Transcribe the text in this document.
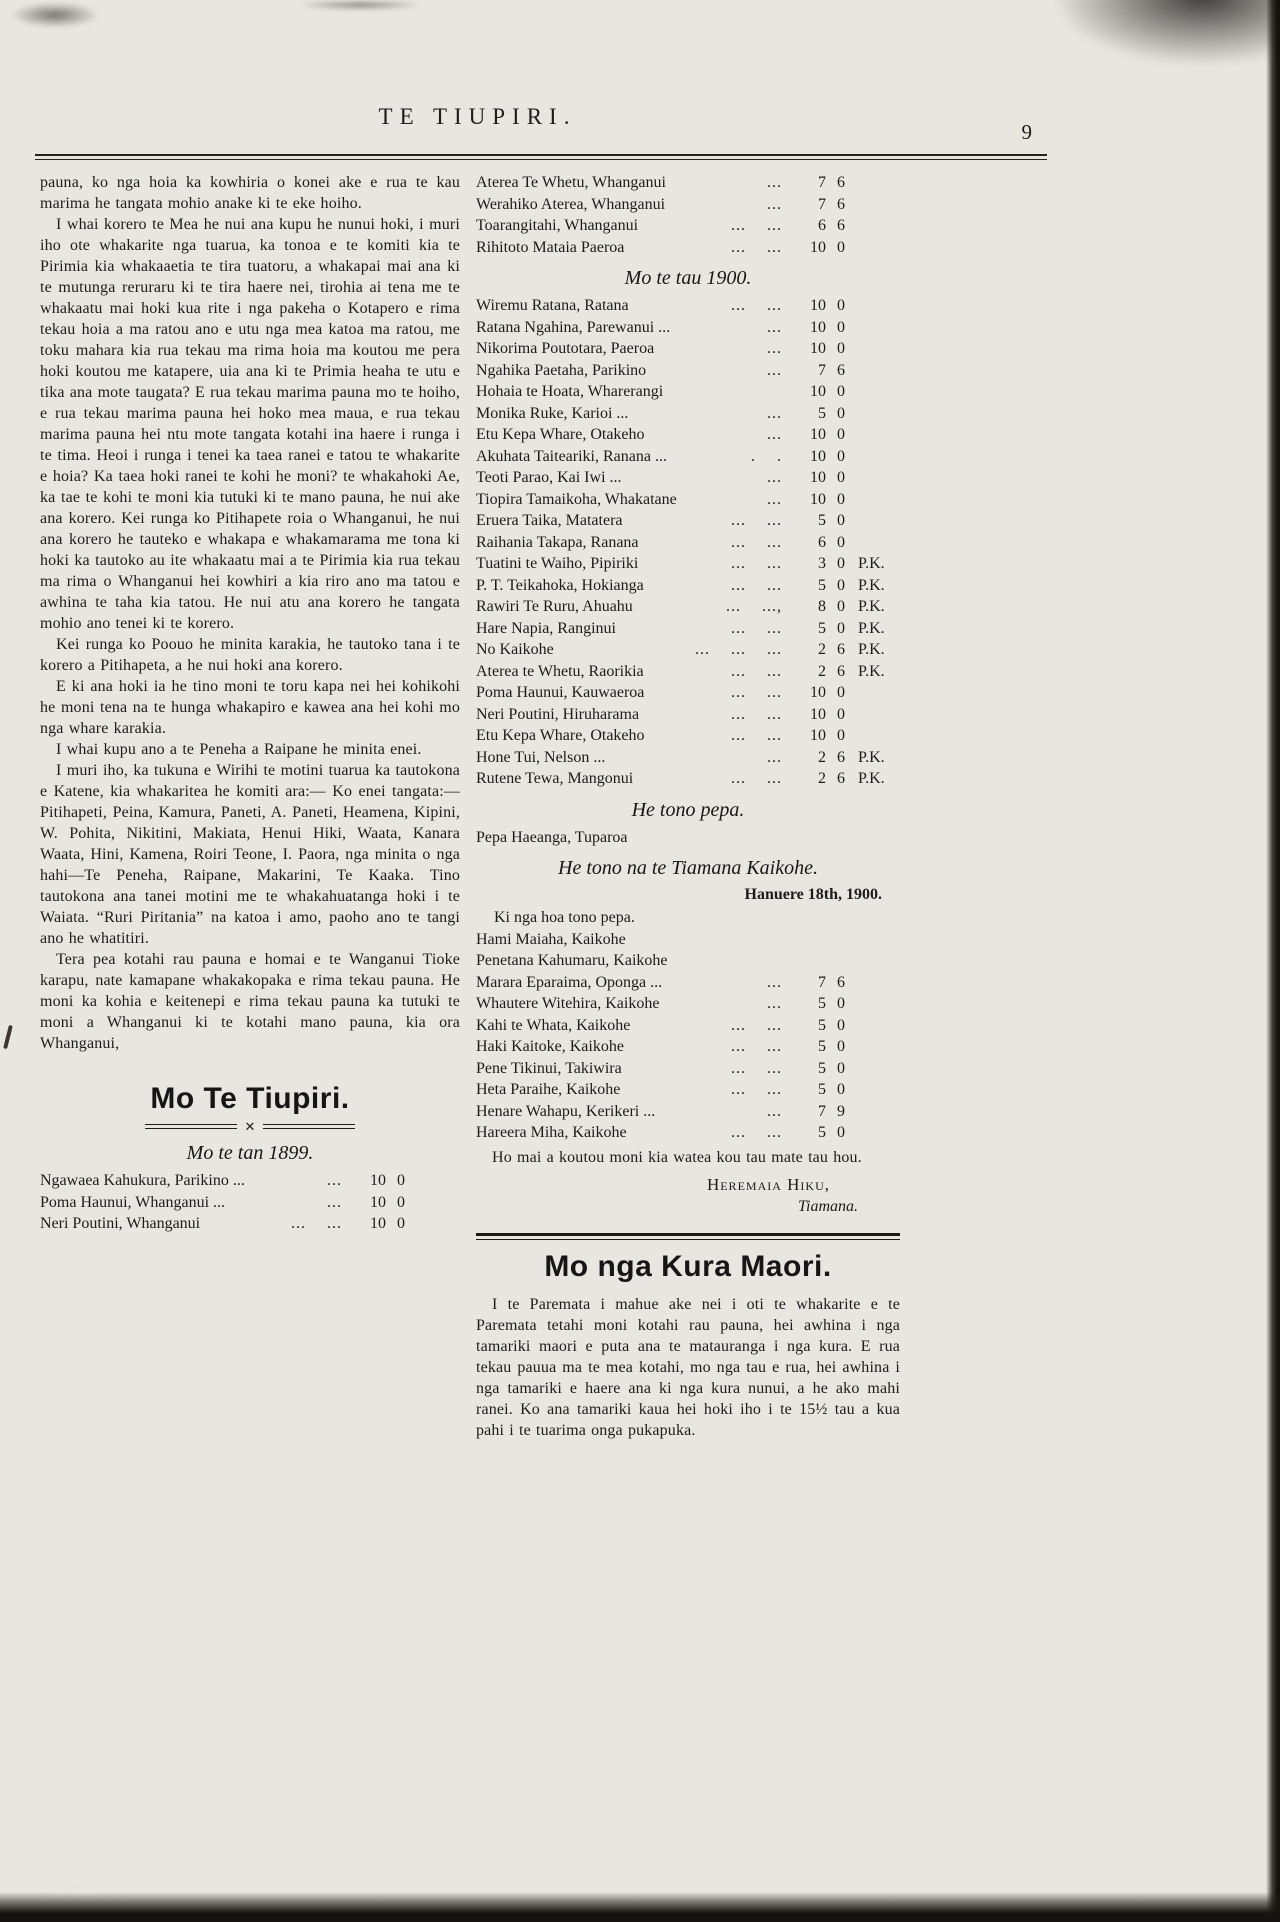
TE TIUPIRI.
9

pauna, ko nga hoia ka kowhiria o konei ake e rua te kau marima he tangata mohio anake ki te eke hoiho.

I whai korero te Mea he nui ana kupu he nunui hoki, i muri iho ote whakarite nga tuarua, ka tonoa e te komiti kia te Pirimia kia whakaaetia te tira tuatoru, a whakapai mai ana ki te mutunga reruraru ki te tira haere nei, tirohia ai tena me te whakaatu mai hoki kua rite i nga pakeha o Kotapero e rima tekau hoia a ma ratou ano e utu nga mea katoa ma ratou, me toku mahara kia rua tekau ma rima hoia ma koutou me pera hoki koutou me katapere, uia ana ki te Primia heaha te utu e tika ana mote taugata? E rua tekau marima pauna mo te hoiho, e rua tekau marima pauna hei hoko mea maua, e rua tekau marima pauna hei ntu mote tangata kotahi ina haere i runga i te tima. Heoi i runga i tenei ka taea ranei e tatou te whakarite e hoia? Ka taea hoki ranei te kohi he moni? te whakahoki Ae, ka tae te kohi te moni kia tutuki ki te mano pauna, he nui ake ana korero. Kei runga ko Pitihapete roia o Whanganui, he nui ana korero he tauteko e whakapa e whakamarama me tona ki hoki ka tautoko au ite whakaatu mai a te Pirimia kia rua tekau ma rima o Whanganui hei kowhiri a kia riro ano ma tatou e awhina te taha kia tatou. He nui atu ana korero he tangata mohio ano tenei ki te korero.

Kei runga ko Poouo he minita karakia, he tautoko tana i te korero a Pitihapeta, a he nui hoki ana korero.

E ki ana hoki ia he tino moni te toru kapa nei hei kohikohi he moni tena na te hunga whakapiro e kawea ana hei kohi mo nga whare karakia.

I whai kupu ano a te Peneha a Raipane he minita enei.

I muri iho, ka tukuna e Wirihi te motini tuarua ka tautokona e Katene, kia whakaritea he komiti ara:— Ko enei tangata:—Pitihapeti, Peina, Kamura, Paneti, A. Paneti, Heamena, Kipini, W. Pohita, Nikitini, Makiata, Henui Hiki, Waata, Kanara Waata, Hini, Kamena, Roiri Teone, I. Paora, nga minita o nga hahi—Te Peneha, Raipane, Makarini, Te Kaaka. Tino tautokona ana tanei motini me te whakahuatanga hoki i te Waiata. “Ruri Piritania” na katoa i amo, paoho ano te tangi ano he whatitiri.

Tera pea kotahi rau pauna e homai e te Wanganui Tioke karapu, nate kamapane whakakopaka e rima tekau pauna. He moni ka kohia e keitenepi e rima tekau pauna ka tutuki te moni a Whanganui ki te kotahi mano pauna, kia ora Whanganui,

Mo Te Tiupiri.
✕
Mo te tan 1899.
Ngawaea Kahukura, Parikino ...	...	10 0
Poma Haunui, Whanganui ...	...	10 0
Neri Poutini, Whanganui	... ...	10 0
Aterea Te Whetu, Whanganui	...	7 6
Werahiko Aterea, Whanganui	...	7 6
Toarangitahi, Whanganui	... ...	6 6
Rihitoto Mataia Paeroa	... ...	10 0
Mo te tau 1900.
Wiremu Ratana, Ratana	... ...	10 0
Ratana Ngahina, Parewanui ...	...	10 0
Nikorima Poutotara, Paeroa	...	10 0
Ngahika Paetaha, Parikino	...	7 6
Hohaia te Hoata, Wharerangi	10 0
Monika Ruke, Karioi ...	...	5 0
Etu Kepa Whare, Otakeho	...	10 0
Akuhata Taiteariki, Ranana ...	. .	10 0
Teoti Parao, Kai Iwi ...	...	10 0
Tiopira Tamaikoha, Whakatane	...	10 0
Eruera Taika, Matatera	... ...	5 0
Raihania Takapa, Ranana	... ...	6 0
Tuatini te Waiho, Pipiriki	... ...	3 0 P.K.
P. T. Teikahoka, Hokianga	... ...	5 0 P.K.
Rawiri Te Ruru, Ahuahu	... ...,	8 0 P.K.
Hare Napia, Ranginui	... ...	5 0 P.K.
No Kaikohe	... ... ...	2 6 P.K.
Aterea te Whetu, Raorikia	... ...	2 6 P.K.
Poma Haunui, Kauwaeroa	... ...	10 0
Neri Poutini, Hiruharama	... ...	10 0
Etu Kepa Whare, Otakeho	... ...	10 0
Hone Tui, Nelson ...	...	2 6 P.K.
Rutene Tewa, Mangonui	... ...	2 6 P.K.
He tono pepa.
Pepa Haeanga, Tuparoa
He tono na te Tiamana Kaikohe.
Hanuere 18th, 1900.
Ki nga hoa tono pepa.
Hami Maiaha, Kaikohe
Penetana Kahumaru, Kaikohe
Marara Eparaima, Oponga ...	...	7 6
Whautere Witehira, Kaikohe	...	5 0
Kahi te Whata, Kaikohe	... ...	5 0
Haki Kaitoke, Kaikohe	... ...	5 0
Pene Tikinui, Takiwira	... ...	5 0
Heta Paraihe, Kaikohe	... ...	5 0
Henare Wahapu, Kerikeri ...	...	7 9
Hareera Miha, Kaikohe	... ...	5 0

Ho mai a koutou moni kia watea kou tau mate tau hou.

Heremaia Hiku,
Tiamana.
Mo nga Kura Maori.

I te Paremata i mahue ake nei i oti te whakarite e te Paremata tetahi moni kotahi rau pauna, hei awhina i nga tamariki maori e puta ana te matauranga i nga kura. E rua tekau pauua ma te mea kotahi, mo nga tau e rua, hei awhina i nga tamariki e haere ana ki nga kura nunui, a he ako mahi ranei. Ko ana tamariki kaua hei hoki iho i te 15½ tau a kua pahi i te tuarima onga pukapuka.
